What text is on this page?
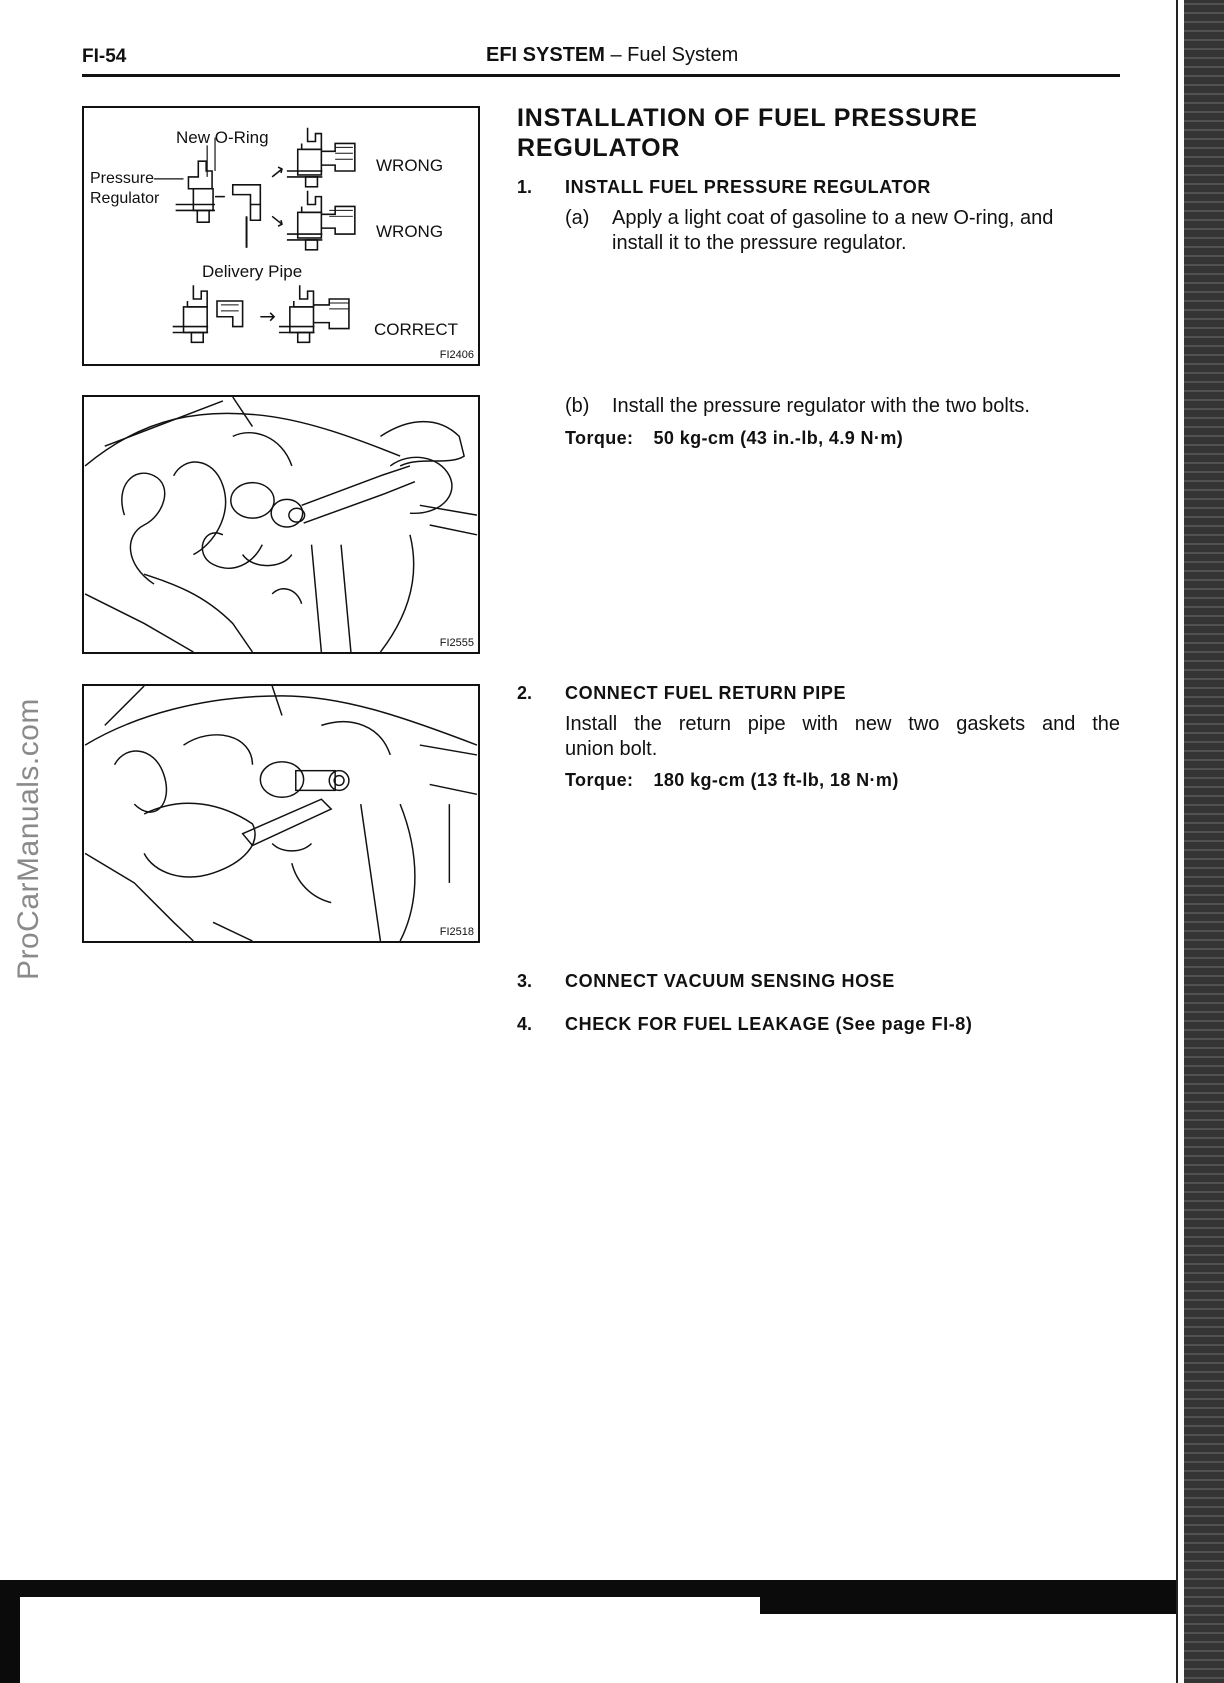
FI-54	EFI SYSTEM – Fuel System
ProCarManuals.com
New O-Ring
Pressure
Regulator
WRONG
WRONG
Delivery Pipe
CORRECT
FI2406
FI2555
FI2518
INSTALLATION OF FUEL PRESSURE
REGULATOR
1. INSTALL FUEL PRESSURE REGULATOR
(a) Apply a light coat of gasoline to a new O-ring, and
install it to the pressure regulator.
(b) Install the pressure regulator with the two bolts.
Torque: 50 kg-cm (43 in.-lb, 4.9 N·m)
2. CONNECT FUEL RETURN PIPE
Install the return pipe with new two gaskets and the
union bolt.
Torque: 180 kg-cm (13 ft-lb, 18 N·m)
3. CONNECT VACUUM SENSING HOSE
4. CHECK FOR FUEL LEAKAGE (See page FI-8)
